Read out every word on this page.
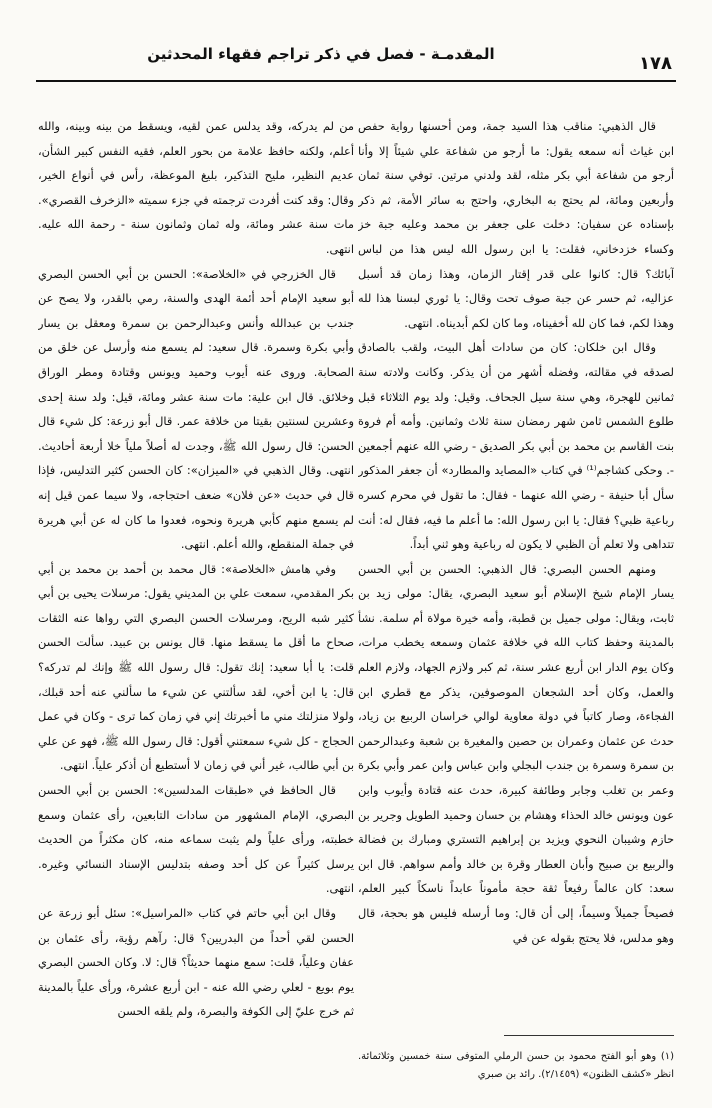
١٧٨
المقدمـة - فصل في ذكر تراجم فقهاء المحدثين

قال الذهبي: مناقب هذا السيد جمة، ومن أحسنها رواية حفص ابن غياث أنه سمعه يقول: ما أرجو من شفاعة علي شيئاً إلا وأنا أرجو من شفاعة أبي بكر مثله، لقد ولدني مرتين. توفي سنة ثمان وأربعين ومائة، لم يحتج به البخاري، واحتج به سائر الأمة، ثم ذكر بإسناده عن سفيان: دخلت على جعفر بن محمد وعليه جبة خز وكساء خزدخاني، فقلت: يا ابن رسول الله ليس هذا من لباس آبائك؟ قال: كانوا على قدر إقتار الزمان، وهذا زمان قد أسبل عزاليه، ثم حسر عن جبة صوف تحت وقال: يا ثوري لبسنا هذا لله وهذا لكم، فما كان لله أخفيناه، وما كان لكم أبديناه. انتهى.

وقال ابن خلكان: كان من سادات أهل البيت، ولقب بالصادق لصدقه في مقالته، وفضله أشهر من أن يذكر. وكانت ولادته سنة ثمانين للهجرة، وهي سنة سيل الجحاف. وقيل: ولد يوم الثلاثاء قبل طلوع الشمس ثامن شهر رمضان سنة ثلاث وثمانين. وأمه أم فروة بنت القاسم بن محمد بن أبي بكر الصديق - رضي الله عنهم أجمعين -. وحكى كشاجم⁽¹⁾ في كتاب «المصايد والمطارد» أن جعفر المذكور سأل أبا حنيفة - رضي الله عنهما - فقال: ما تقول في محرم كسره رباعية ظبي؟ فقال: يا ابن رسول الله: ما أعلم ما فيه، فقال له: أنت تتداهى ولا تعلم أن الظبي لا يكون له رباعية وهو ثني أبداً.

ومنهم الحسن البصري: قال الذهبي: الحسن بن أبي الحسن يسار الإمام شيخ الإسلام أبو سعيد البصري، يقال: مولى زيد بن ثابت، ويقال: مولى جميل بن قطبة، وأمه خيرة مولاة أم سلمة. نشأ بالمدينة وحفظ كتاب الله في خلافة عثمان وسمعه يخطب مرات، وكان يوم الدار ابن أربع عشر سنة، ثم كبر ولازم الجهاد، ولازم العلم والعمل، وكان أحد الشجعان الموصوفين، يذكر مع قطري ابن الفجاءة، وصار كاتباً في دولة معاوية لوالي خراسان الربيع بن زياد، حدث عن عثمان وعمران بن حصين والمغيرة بن شعبة وعبدالرحمن بن سمرة وسمرة بن جندب البجلي وابن عباس وابن عمر وأبي بكرة وعمر بن تغلب وجابر وطائفة كبيرة، حدث عنه قتادة وأيوب وابن عون ويونس خالد الحذاء وهشام بن حسان وحميد الطويل وجرير بن حازم وشيبان النحوي ويزيد بن إبراهيم التستري ومبارك بن فضالة والربيع بن صبيح وأبان العطار وقرة بن خالد وأمم سواهم. قال ابن سعد: كان عالماً رفيعاً ثقة حجة مأموناً عابداً ناسكاً كبير العلم، فصيحاً جميلاً وسيماً، إلى أن قال: وما أرسله فليس هو بحجة، قال وهو مدلس، فلا يحتج بقوله عن في

من لم يدركه، وقد يدلس عمن لقيه، ويسقط من بينه وبينه، والله أعلم، ولكنه حافظ علامة من بحور العلم، فقيه النفس كبير الشأن، عديم النظير، مليح التذكير، بليغ الموعظة، رأس في أنواع الخير، وقال: وقد كنت أفردت ترجمته في جزء سميته «الزخرف القصري». مات سنة عشر ومائة، وله ثمان وثمانون سنة - رحمة الله عليه. انتهى.

قال الخزرجي في «الخلاصة»: الحسن بن أبي الحسن البصري أبو سعيد الإمام أحد أئمة الهدى والسنة، رمي بالقدر، ولا يصح عن جندب بن عبدالله وأنس وعبدالرحمن بن سمرة ومعقل بن يسار وأبي بكرة وسمرة. قال سعيد: لم يسمع منه وأرسل عن خلق من الصحابة. وروى عنه أيوب وحميد ويونس وقتادة ومطر الوراق وخلائق. قال ابن علية: مات سنة عشر ومائة، قيل: ولد سنة إحدى وعشرين لسنتين بقيتا من خلافة عمر. قال أبو زرعة: كل شيء قال الحسن: قال رسول الله ﷺ، وجدت له أصلاً ملياً خلا أربعة أحاديث. انتهى. وقال الذهبي في «الميزان»: كان الحسن كثير التدليس، فإذا قال في حديث «عن فلان» ضعف احتجاجه، ولا سيما عمن قيل إنه لم يسمع منهم كأبي هريرة ونحوه، فعدوا ما كان له عن أبي هريرة في جملة المنقطع، والله أعلم. انتهى.

وفي هامش «الخلاصة»: قال محمد بن أحمد بن محمد بن أبي بكر المقدمي، سمعت علي بن المديني يقول: مرسلات يحيى بن أبي كثير شبه الريح، ومرسلات الحسن البصري التي رواها عنه الثقات صحاح ما أقل ما يسقط منها. قال يونس بن عبيد. سألت الحسن قلت: يا أبا سعيد: إنك تقول: قال رسول الله ﷺ وإنك لم تدركه؟ قال: يا ابن أخي، لقد سألتني عن شيء ما سألني عنه أحد قبلك، ولولا منزلتك مني ما أخبرتك إني في زمان كما ترى - وكان في عمل الحجاج - كل شيء سمعتني أقول: قال رسول الله ﷺ، فهو عن علي بن أبي طالب، غير أني في زمان لا أستطيع أن أذكر علياً. انتهى.

قال الحافظ في «طبقات المدلسين»: الحسن بن أبي الحسن البصري، الإمام المشهور من سادات التابعين، رأى عثمان وسمع خطبته، ورأى علياً ولم يثبت سماعه منه، كان مكثراً من الحديث يرسل كثيراً عن كل أحد وصفه بتدليس الإسناد النسائي وغيره. انتهى.

وقال ابن أبي حاتم في كتاب «المراسيل»: سئل أبو زرعة عن الحسن لقي أحداً من البدريين؟ قال: رآهم رؤية، رأى عثمان بن عفان وعلياً، قلت: سمع منهما حديثاً؟ قال: لا. وكان الحسن البصري يوم بويع - لعلي رضي الله عنه - ابن أربع عشرة، ورأى علياً بالمدينة ثم خرج عليّ إلى الكوفة والبصرة، ولم يلقه الحسن

(١) وهو أبو الفتح محمود بن حسن الرملي المتوفى سنة خمسين وثلاثمائة. انظر «كشف الظنون» (٢/١٤٥٩). رائد بن صبري
